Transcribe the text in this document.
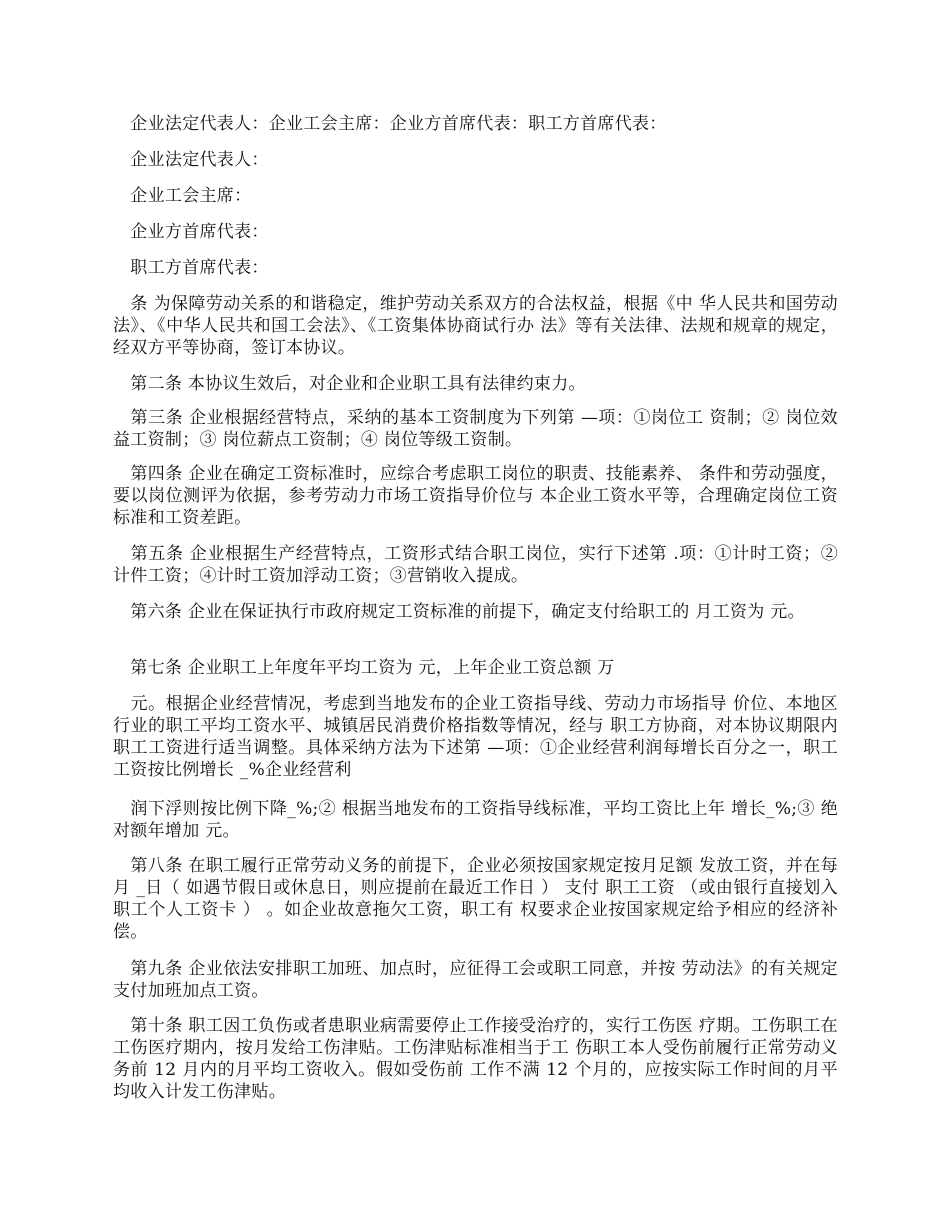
　企业法定代表人：企业工会主席：企业方首席代表：职工方首席代表：

　企业法定代表人：

　企业工会主席：

　企业方首席代表：

　职工方首席代表：

　条 为保障劳动关系的和谐稳定，维护劳动关系双方的合法权益，根据《中 华人民共和国劳动法》、《中华人民共和国工会法》、《工资集体协商试行办 法》等有关法律、法规和规章的规定，经双方平等协商，签订本协议。

　第二条 本协议生效后，对企业和企业职工具有法律约束力。

　第三条 企业根据经营特点，采纳的基本工资制度为下列第 —项：①岗位工 资制；② 岗位效益工资制；③ 岗位薪点工资制；④ 岗位等级工资制。

　第四条 企业在确定工资标准时，应综合考虑职工岗位的职责、技能素养、 条件和劳动强度，要以岗位测评为依据，参考劳动力市场工资指导价位与 本企业工资水平等，合理确定岗位工资标准和工资差距。

　第五条 企业根据生产经营特点，工资形式结合职工岗位，实行下述第 .项：①计时工资；②计件工资；④计时工资加浮动工资；③营销收入提成。

　第六条 企业在保证执行市政府规定工资标准的前提下，确定支付给职工的 月工资为 元。

　第七条 企业职工上年度年平均工资为 元，上年企业工资总额 万

　元。根据企业经营情况，考虑到当地发布的企业工资指导线、劳动力市场指导 价位、本地区行业的职工平均工资水平、城镇居民消费价格指数等情况，经与 职工方协商，对本协议期限内职工工资进行适当调整。具体采纳方法为下述第 —项：①企业经营利润每增长百分之一，职工工资按比例增长 _%企业经营利

　润下浮则按比例下降_%;② 根据当地发布的工资指导线标准，平均工资比上年 增长_%;③ 绝对额年增加 元。

　第八条 在职工履行正常劳动义务的前提下，企业必须按国家规定按月足额 发放工资，并在每月 _日（ 如遇节假日或休息日，则应提前在最近工作日 ） 支付 职工工资 （或由银行直接划入职工个人工资卡 ） 。如企业故意拖欠工资，职工有 权要求企业按国家规定给予相应的经济补偿。

　第九条 企业依法安排职工加班、加点时，应征得工会或职工同意，并按 劳动法》的有关规定支付加班加点工资。

　第十条 职工因工负伤或者患职业病需要停止工作接受治疗的，实行工伤医 疗期。工伤职工在工伤医疗期内，按月发给工伤津贴。工伤津贴标准相当于工 伤职工本人受伤前履行正常劳动义务前 12 月内的月平均工资收入。假如受伤前 工作不满 12 个月的，应按实际工作时间的月平均收入计发工伤津贴。
